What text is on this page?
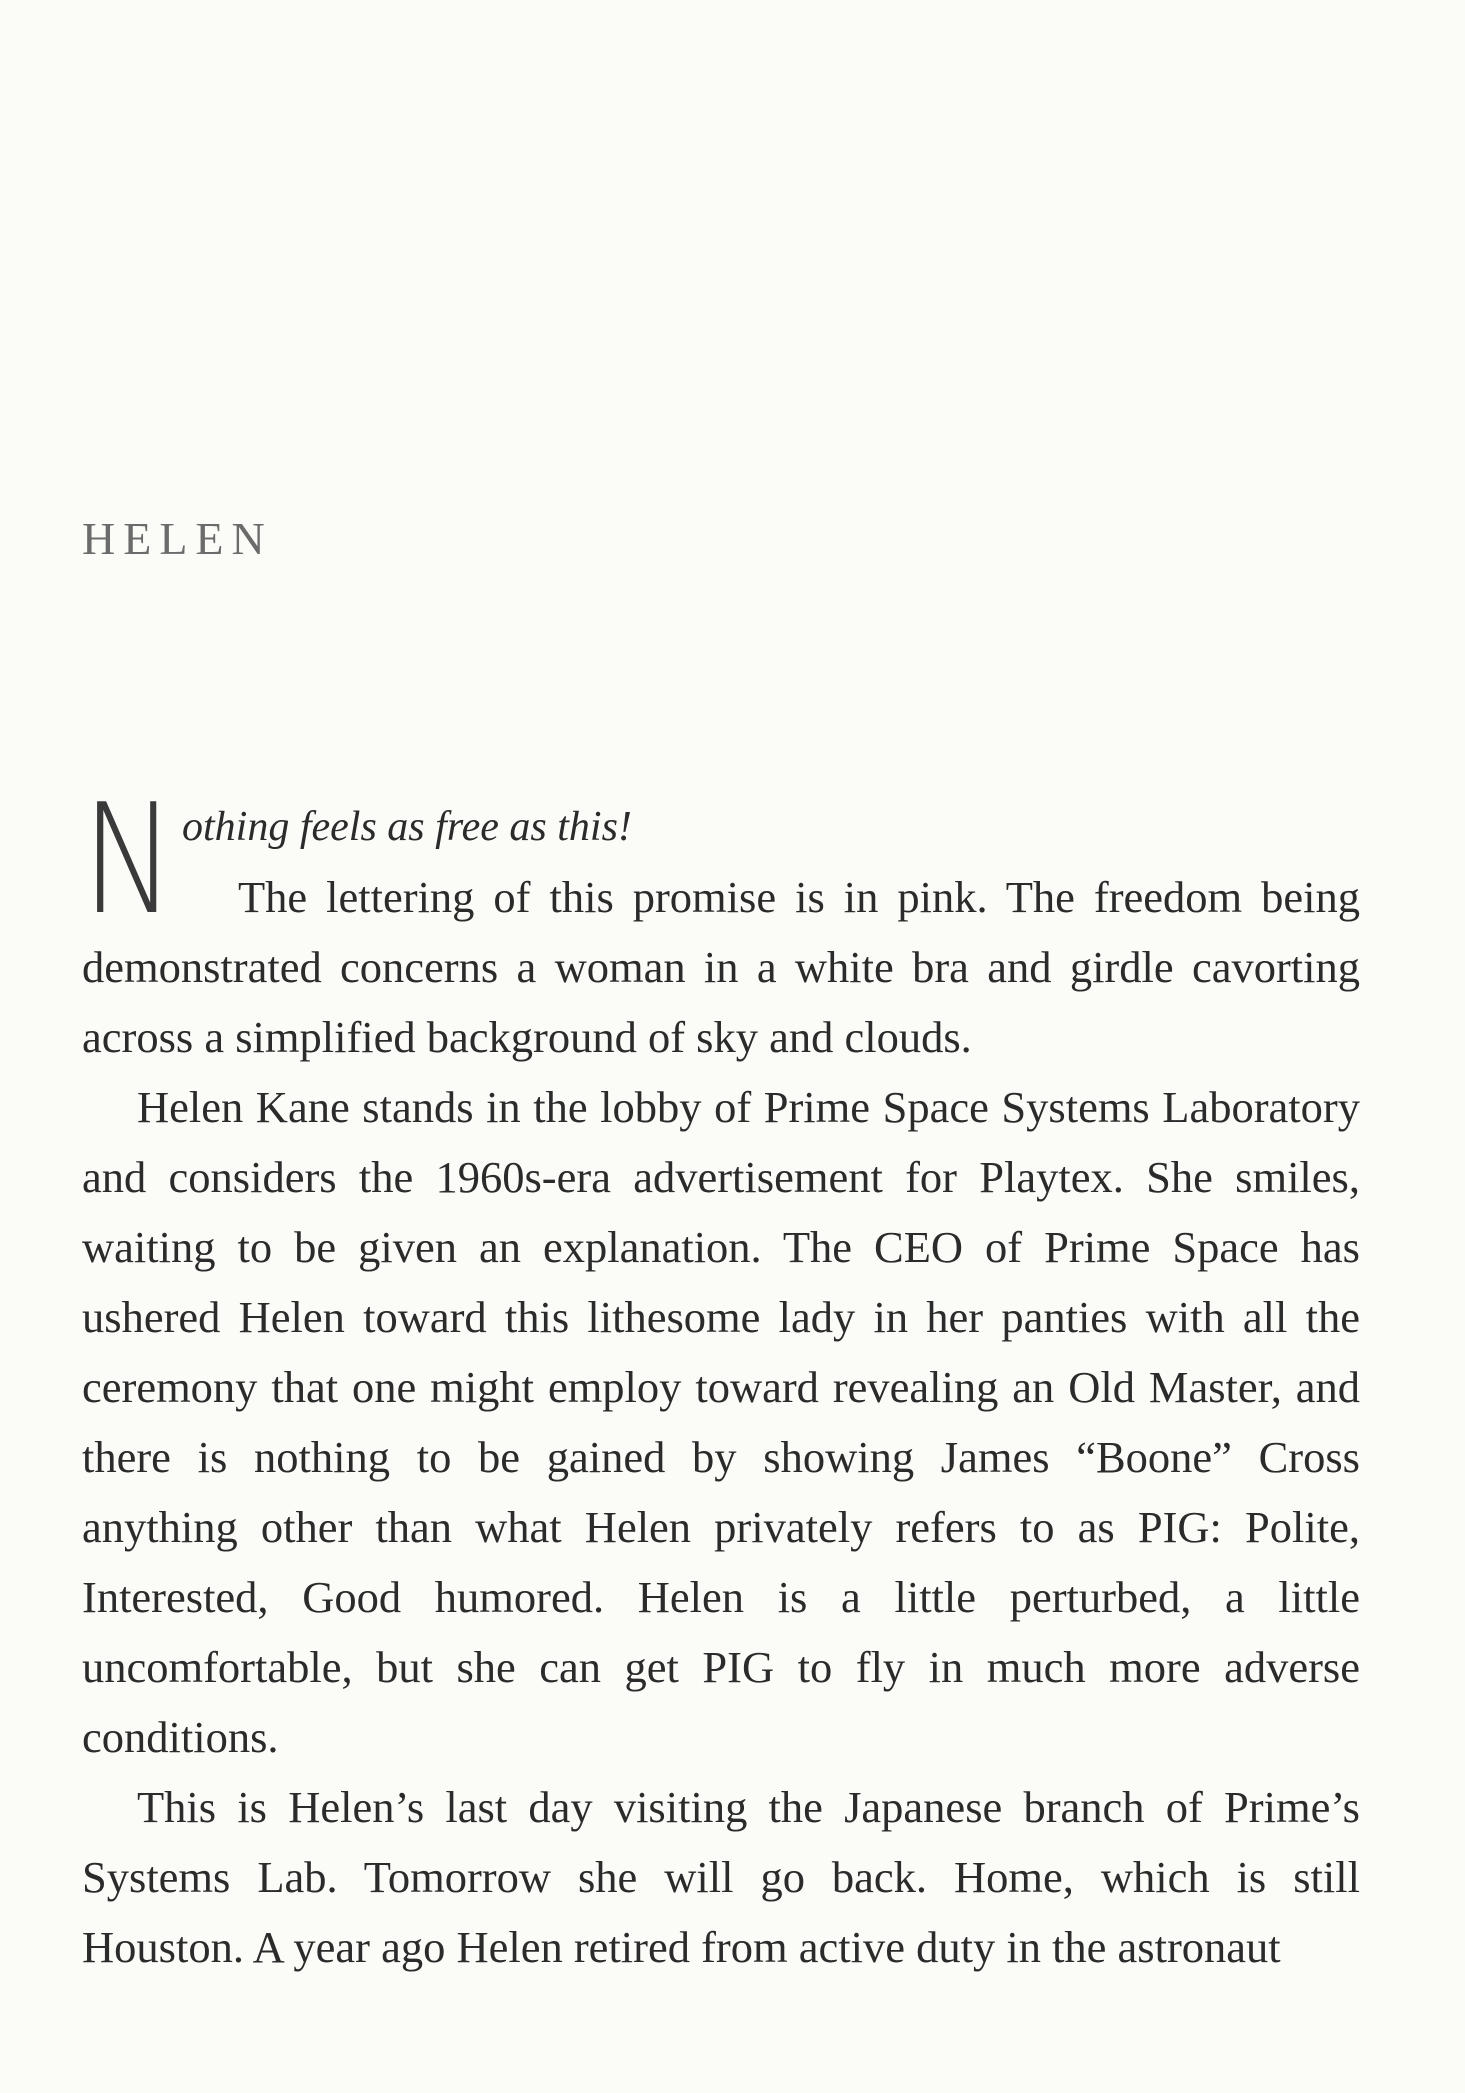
HELEN
N othing feels as free as this!
The lettering of this promise is in pink. The freedom being

demonstrated concerns a woman in a white bra and girdle cavorting across a simplified background of sky and clouds.

Helen Kane stands in the lobby of Prime Space Systems Laboratory and considers the 1960s-era advertisement for Playtex. She smiles, waiting to be given an explanation. The CEO of Prime Space has ushered Helen toward this lithesome lady in her panties with all the ceremony that one might employ toward revealing an Old Master, and there is nothing to be gained by showing James “Boone” Cross anything other than what Helen privately refers to as PIG: Polite, Interested, Good humored. Helen is a little perturbed, a little uncomfortable, but she can get PIG to fly in much more adverse conditions.

This is Helen’s last day visiting the Japanese branch of Prime’s Systems Lab. Tomorrow she will go back. Home, which is still Houston. A year ago Helen retired from active duty in the astronaut
